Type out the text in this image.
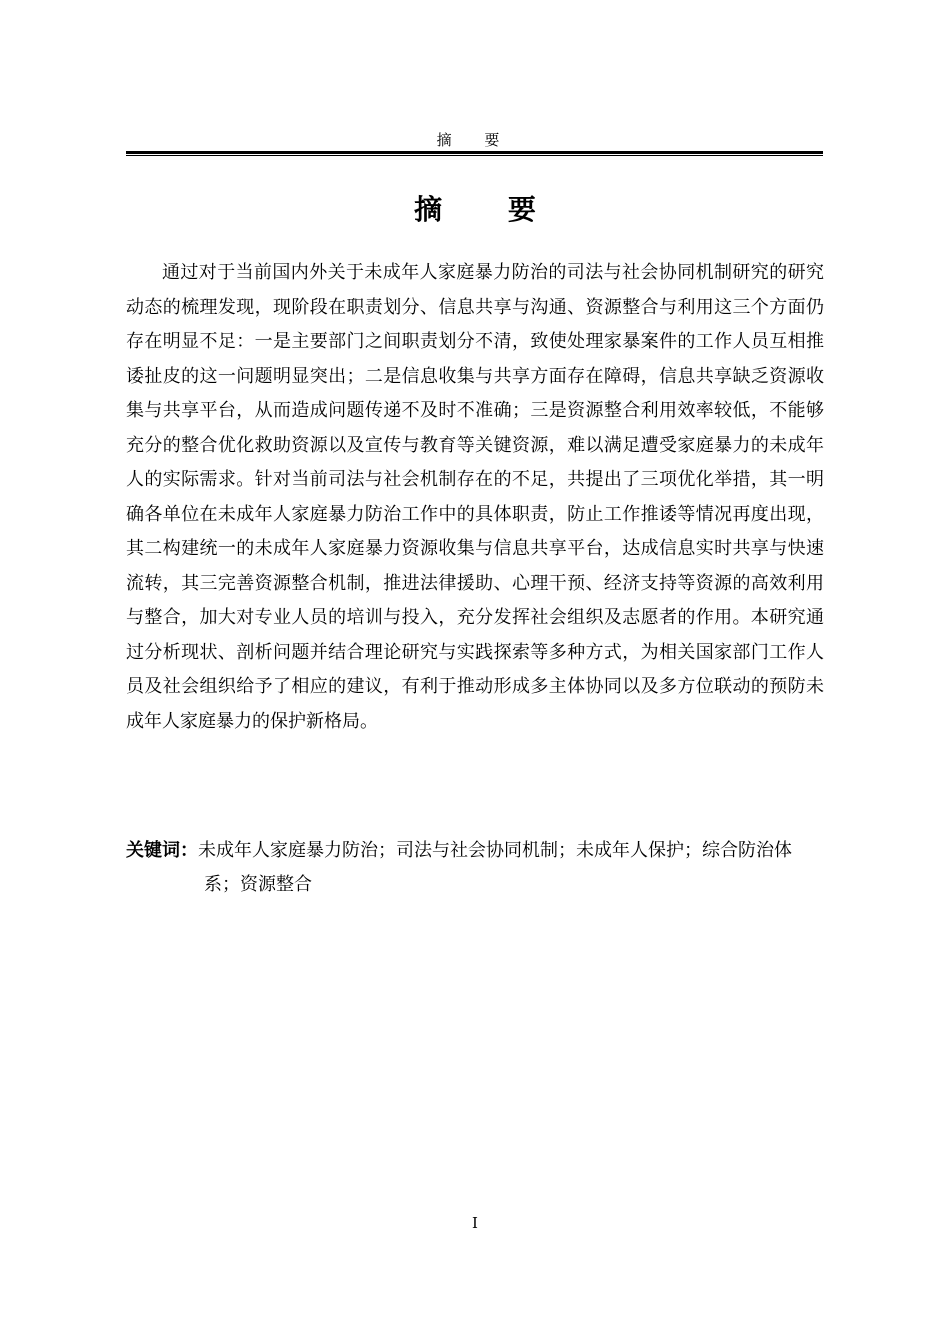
摘 要
摘 要

通过对于当前国内外关于未成年人家庭暴力防治的司法与社会协同机制研究的研究动态的梳理发现，现阶段在职责划分、信息共享与沟通、资源整合与利用这三个方面仍存在明显不足：一是主要部门之间职责划分不清，致使处理家暴案件的工作人员互相推诿扯皮的这一问题明显突出；二是信息收集与共享方面存在障碍，信息共享缺乏资源收集与共享平台，从而造成问题传递不及时不准确；三是资源整合利用效率较低，不能够充分的整合优化救助资源以及宣传与教育等关键资源，难以满足遭受家庭暴力的未成年人的实际需求。针对当前司法与社会机制存在的不足，共提出了三项优化举措，其一明确各单位在未成年人家庭暴力防治工作中的具体职责，防止工作推诿等情况再度出现，其二构建统一的未成年人家庭暴力资源收集与信息共享平台，达成信息实时共享与快速流转，其三完善资源整合机制，推进法律援助、心理干预、经济支持等资源的高效利用与整合，加大对专业人员的培训与投入，充分发挥社会组织及志愿者的作用。本研究通过分析现状、剖析问题并结合理论研究与实践探索等多种方式，为相关国家部门工作人员及社会组织给予了相应的建议，有利于推动形成多主体协同以及多方位联动的预防未成年人家庭暴力的保护新格局。

关键词：未成年人家庭暴力防治；司法与社会协同机制；未成年人保护；综合防治体系；资源整合

I
